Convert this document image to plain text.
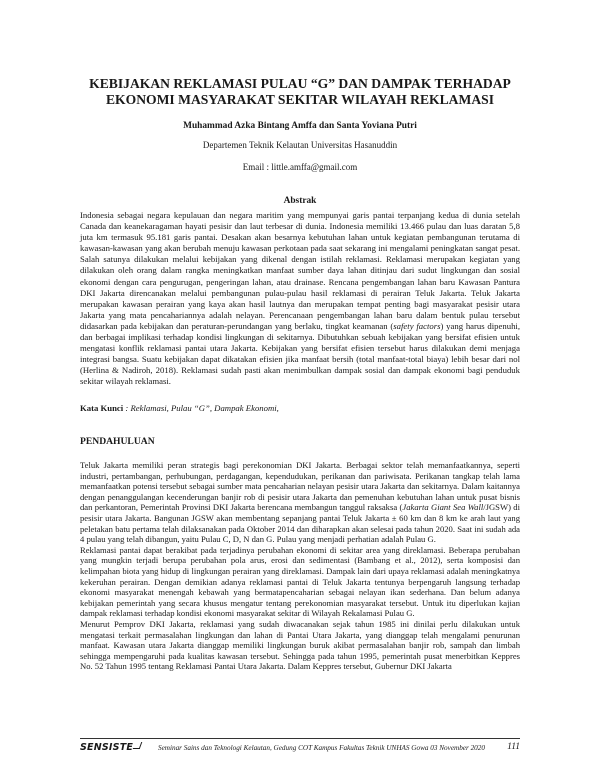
KEBIJAKAN REKLAMASI PULAU “G” DAN DAMPAK TERHADAP
EKONOMI MASYARAKAT SEKITAR WILAYAH REKLAMASI

Muhammad Azka Bintang Amffa dan Santa Yoviana Putri

Departemen Teknik Kelautan Universitas Hasanuddin

Email : little.amffa@gmail.com

Abstrak

Indonesia sebagai negara kepulauan dan negara maritim yang mempunyai garis pantai terpanjang kedua di dunia setelah Canada dan keanekaragaman hayati pesisir dan laut terbesar di dunia. Indonesia memiliki 13.466 pulau dan luas daratan 5,8 juta km termasuk 95.181 garis pantai. Desakan akan besarnya kebutuhan lahan untuk kegiatan pembangunan terutama di kawasan-kawasan yang akan berubah menuju kawasan perkotaan pada saat sekarang ini mengalami peningkatan sangat pesat. Salah satunya dilakukan melalui kebijakan yang dikenal dengan istilah reklamasi. Reklamasi merupakan kegiatan yang dilakukan oleh orang dalam rangka meningkatkan manfaat sumber daya lahan ditinjau dari sudut lingkungan dan sosial ekonomi dengan cara pengurugan, pengeringan lahan, atau drainase. Rencana pengembangan lahan baru Kawasan Pantura DKI Jakarta direncanakan melalui pembangunan pulau-pulau hasil reklamasi di perairan Teluk Jakarta. Teluk Jakarta merupakan kawasan perairan yang kaya akan hasil lautnya dan merupakan tempat penting bagi masyarakat pesisir utara Jakarta yang mata pencahariannya adalah nelayan. Perencanaan pengembangan lahan baru dalam bentuk pulau tersebut didasarkan pada kebijakan dan peraturan-perundangan yang berlaku, tingkat keamanan (safety factors) yang harus dipenuhi, dan berbagai implikasi terhadap kondisi lingkungan di sekitarnya. Dibutuhkan sebuah kebijakan yang bersifat efisien untuk mengatasi konflik reklamasi pantai utara Jakarta. Kebijakan yang bersifat efisien tersebut harus dilakukan demi menjaga integrasi bangsa. Suatu kebijakan dapat dikatakan efisien jika manfaat bersih (total manfaat-total biaya) lebih besar dari nol (Herlina & Nadiroh, 2018). Reklamasi sudah pasti akan menimbulkan dampak sosial dan dampak ekonomi bagi penduduk sekitar wilayah reklamasi.

Kata Kunci : Reklamasi, Pulau “G”, Dampak Ekonomi,

PENDAHULUAN

Teluk Jakarta memiliki peran strategis bagi perekonomian DKI Jakarta. Berbagai sektor telah memanfaatkannya, seperti industri, pertambangan, perhubungan, perdagangan, kependudukan, perikanan dan pariwisata. Perikanan tangkap telah lama memanfaatkan potensi tersebut sebagai sumber mata pencaharian nelayan pesisir utara Jakarta dan sekitarnya. Dalam kaitannya dengan penanggulangan kecenderungan banjir rob di pesisir utara Jakarta dan pemenuhan kebutuhan lahan untuk pusat bisnis dan perkantoran, Pemerintah Provinsi DKI Jakarta berencana membangun tanggul raksaksa (Jakarta Giant Sea Wall/JGSW) di pesisir utara Jakarta. Bangunan JGSW akan membentang sepanjang pantai Teluk Jakarta ± 60 km dan 8 km ke arah laut yang peletakan batu pertama telah dilaksanakan pada Oktober 2014 dan diharapkan akan selesai pada tahun 2020. Saat ini sudah ada 4 pulau yang telah dibangun, yaitu Pulau C, D, N dan G. Pulau yang menjadi perhatian adalah Pulau G.

Reklamasi pantai dapat berakibat pada terjadinya perubahan ekonomi di sekitar area yang direklamasi. Beberapa perubahan yang mungkin terjadi berupa perubahan pola arus, erosi dan sedimentasi (Bambang et al., 2012), serta komposisi dan kelimpahan biota yang hidup di lingkungan perairan yang direklamasi. Dampak lain dari upaya reklamasi adalah meningkatnya kekeruhan perairan. Dengan demikian adanya reklamasi pantai di Teluk Jakarta tentunya berpengaruh langsung terhadap ekonomi masyarakat menengah kebawah yang bermatapencaharian sebagai nelayan ikan sederhana. Dan belum adanya kebijakan pemerintah yang secara khusus mengatur tentang perekonomian masyarakat tersebut. Untuk itu diperlukan kajian dampak reklamasi terhadap kondisi ekonomi masyarakat sekitar di Wilayah Rekalamasi Pulau G.

Menurut Pemprov DKI Jakarta, reklamasi yang sudah diwacanakan sejak tahun 1985 ini dinilai perlu dilakukan untuk mengatasi terkait permasalahan lingkungan dan lahan di Pantai Utara Jakarta, yang dianggap telah mengalami penurunan manfaat. Kawasan utara Jakarta dianggap memiliki lingkungan buruk akibat permasalahan banjir rob, sampah dan limbah sehingga mempengaruhi pada kualitas kawasan tersebut. Sehingga pada tahun 1995, pemerintah pusat menerbitkan Keppres No. 52 Tahun 1995 tentang Reklamasi Pantai Utara Jakarta. Dalam Keppres tersebut, Gubernur DKI Jakarta

SENSISTE	Seminar Sains dan Teknologi Kelautan, Gedung COT Kampus Fakultas Teknik UNHAS Gowa 03 November 2020 111
